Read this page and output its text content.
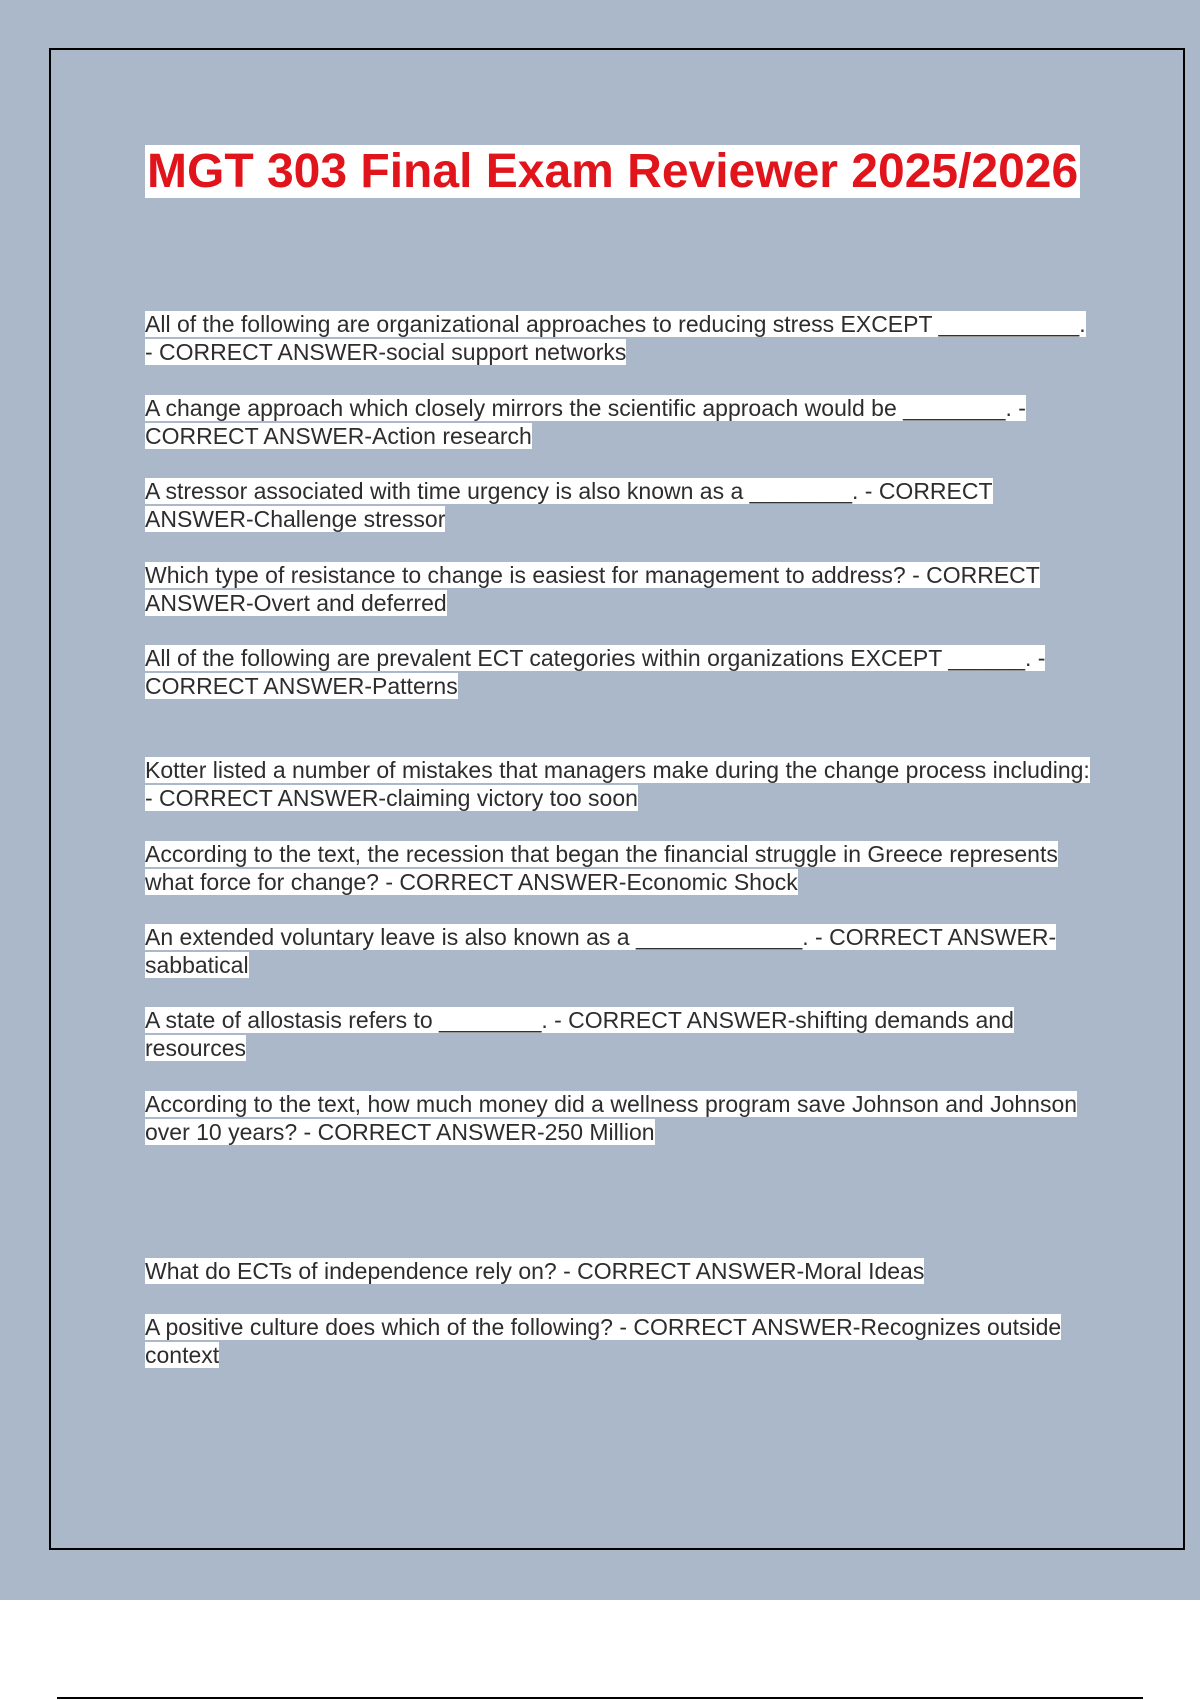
MGT 303 Final Exam Reviewer 2025/2026

All of the following are organizational approaches to reducing stress EXCEPT ___________. - CORRECT ANSWER-social support networks

A change approach which closely mirrors the scientific approach would be ________. - CORRECT ANSWER-Action research

A stressor associated with time urgency is also known as a ________. - CORRECT ANSWER-Challenge stressor

Which type of resistance to change is easiest for management to address? - CORRECT ANSWER-Overt and deferred

All of the following are prevalent ECT categories within organizations EXCEPT ______. - CORRECT ANSWER-Patterns

Kotter listed a number of mistakes that managers make during the change process including: - CORRECT ANSWER-claiming victory too soon

According to the text, the recession that began the financial struggle in Greece represents what force for change? - CORRECT ANSWER-Economic Shock

An extended voluntary leave is also known as a _____________. - CORRECT ANSWER-sabbatical

A state of allostasis refers to ________. - CORRECT ANSWER-shifting demands and resources

According to the text, how much money did a wellness program save Johnson and Johnson over 10 years? - CORRECT ANSWER-250 Million

What do ECTs of independence rely on? - CORRECT ANSWER-Moral Ideas

A positive culture does which of the following? - CORRECT ANSWER-Recognizes outside context
